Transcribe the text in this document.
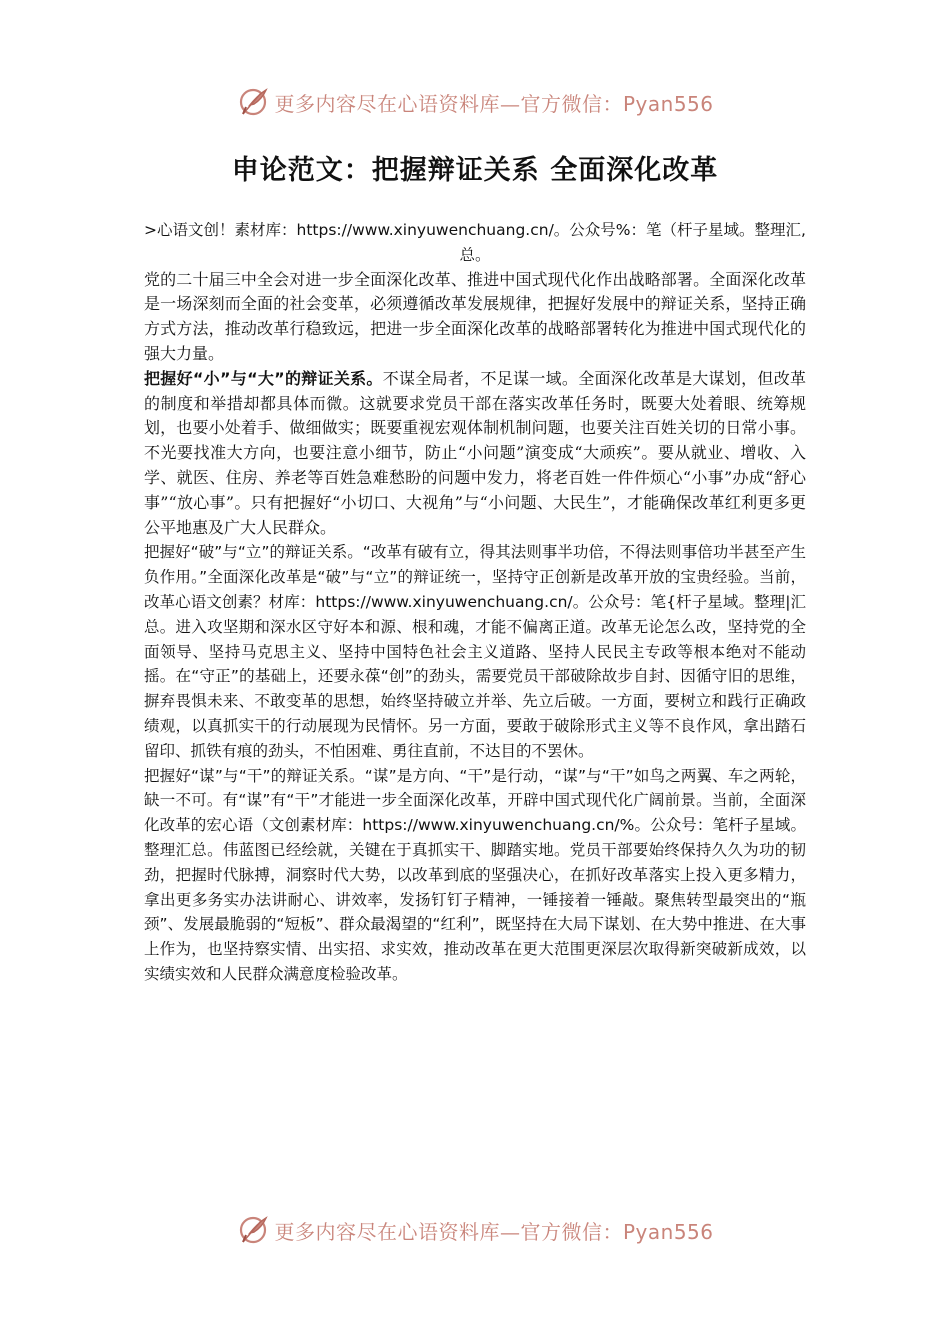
更多内容尽在心语资料库—官方微信：Pyan556
申论范文：把握辩证关系 全面深化改革

>心语文创！素材库：https://www.xinyuwenchuang.cn/。公众号%：笔（杆子星域。整理汇,总。

党的二十届三中全会对进一步全面深化改革、推进中国式现代化作出战略部署。全面深化改革是一场深刻而全面的社会变革，必须遵循改革发展规律，把握好发展中的辩证关系，坚持正确方式方法，推动改革行稳致远，把进一步全面深化改革的战略部署转化为推进中国式现代化的强大力量。

把握好“小”与“大”的辩证关系。不谋全局者，不足谋一域。全面深化改革是大谋划，但改革的制度和举措却都具体而微。这就要求党员干部在落实改革任务时，既要大处着眼、统筹规划，也要小处着手、做细做实；既要重视宏观体制机制问题，也要关注百姓关切的日常小事。不光要找准大方向，也要注意小细节，防止“小问题”演变成“大顽疾”。要从就业、增收、入学、就医、住房、养老等百姓急难愁盼的问题中发力，将老百姓一件件烦心“小事”办成“舒心事”“放心事”。只有把握好“小切口、大视角”与“小问题、大民生”，才能确保改革红利更多更公平地惠及广大人民群众。

把握好“破”与“立”的辩证关系。“改革有破有立，得其法则事半功倍，不得法则事倍功半甚至产生负作用。”全面深化改革是“破”与“立”的辩证统一，坚持守正创新是改革开放的宝贵经验。当前，改革心语文创素？材库：https://www.xinyuwenchuang.cn/。公众号：笔{杆子星域。整理|汇总。进入攻坚期和深水区守好本和源、根和魂，才能不偏离正道。改革无论怎么改，坚持党的全面领导、坚持马克思主义、坚持中国特色社会主义道路、坚持人民民主专政等根本绝对不能动摇。在“守正”的基础上，还要永葆“创”的劲头，需要党员干部破除故步自封、因循守旧的思维，摒弃畏惧未来、不敢变革的思想，始终坚持破立并举、先立后破。一方面，要树立和践行正确政绩观，以真抓实干的行动展现为民情怀。另一方面，要敢于破除形式主义等不良作风，拿出踏石留印、抓铁有痕的劲头，不怕困难、勇往直前，不达目的不罢休。

把握好“谋”与“干”的辩证关系。“谋”是方向、“干”是行动，“谋”与“干”如鸟之两翼、车之两轮，缺一不可。有“谋”有“干”才能进一步全面深化改革，开辟中国式现代化广阔前景。当前，全面深化改革的宏心语（文创素材库：https://www.xinyuwenchuang.cn/%。公众号：笔杆子星域。整理汇总。伟蓝图已经绘就，关键在于真抓实干、脚踏实地。党员干部要始终保持久久为功的韧劲，把握时代脉搏，洞察时代大势，以改革到底的坚强决心，在抓好改革落实上投入更多精力，拿出更多务实办法讲耐心、讲效率，发扬钉钉子精神，一锤接着一锤敲。聚焦转型最突出的“瓶颈”、发展最脆弱的“短板”、群众最渴望的“红利”，既坚持在大局下谋划、在大势中推进、在大事上作为，也坚持察实情、出实招、求实效，推动改革在更大范围更深层次取得新突破新成效，以实绩实效和人民群众满意度检验改革。

更多内容尽在心语资料库—官方微信：Pyan556
